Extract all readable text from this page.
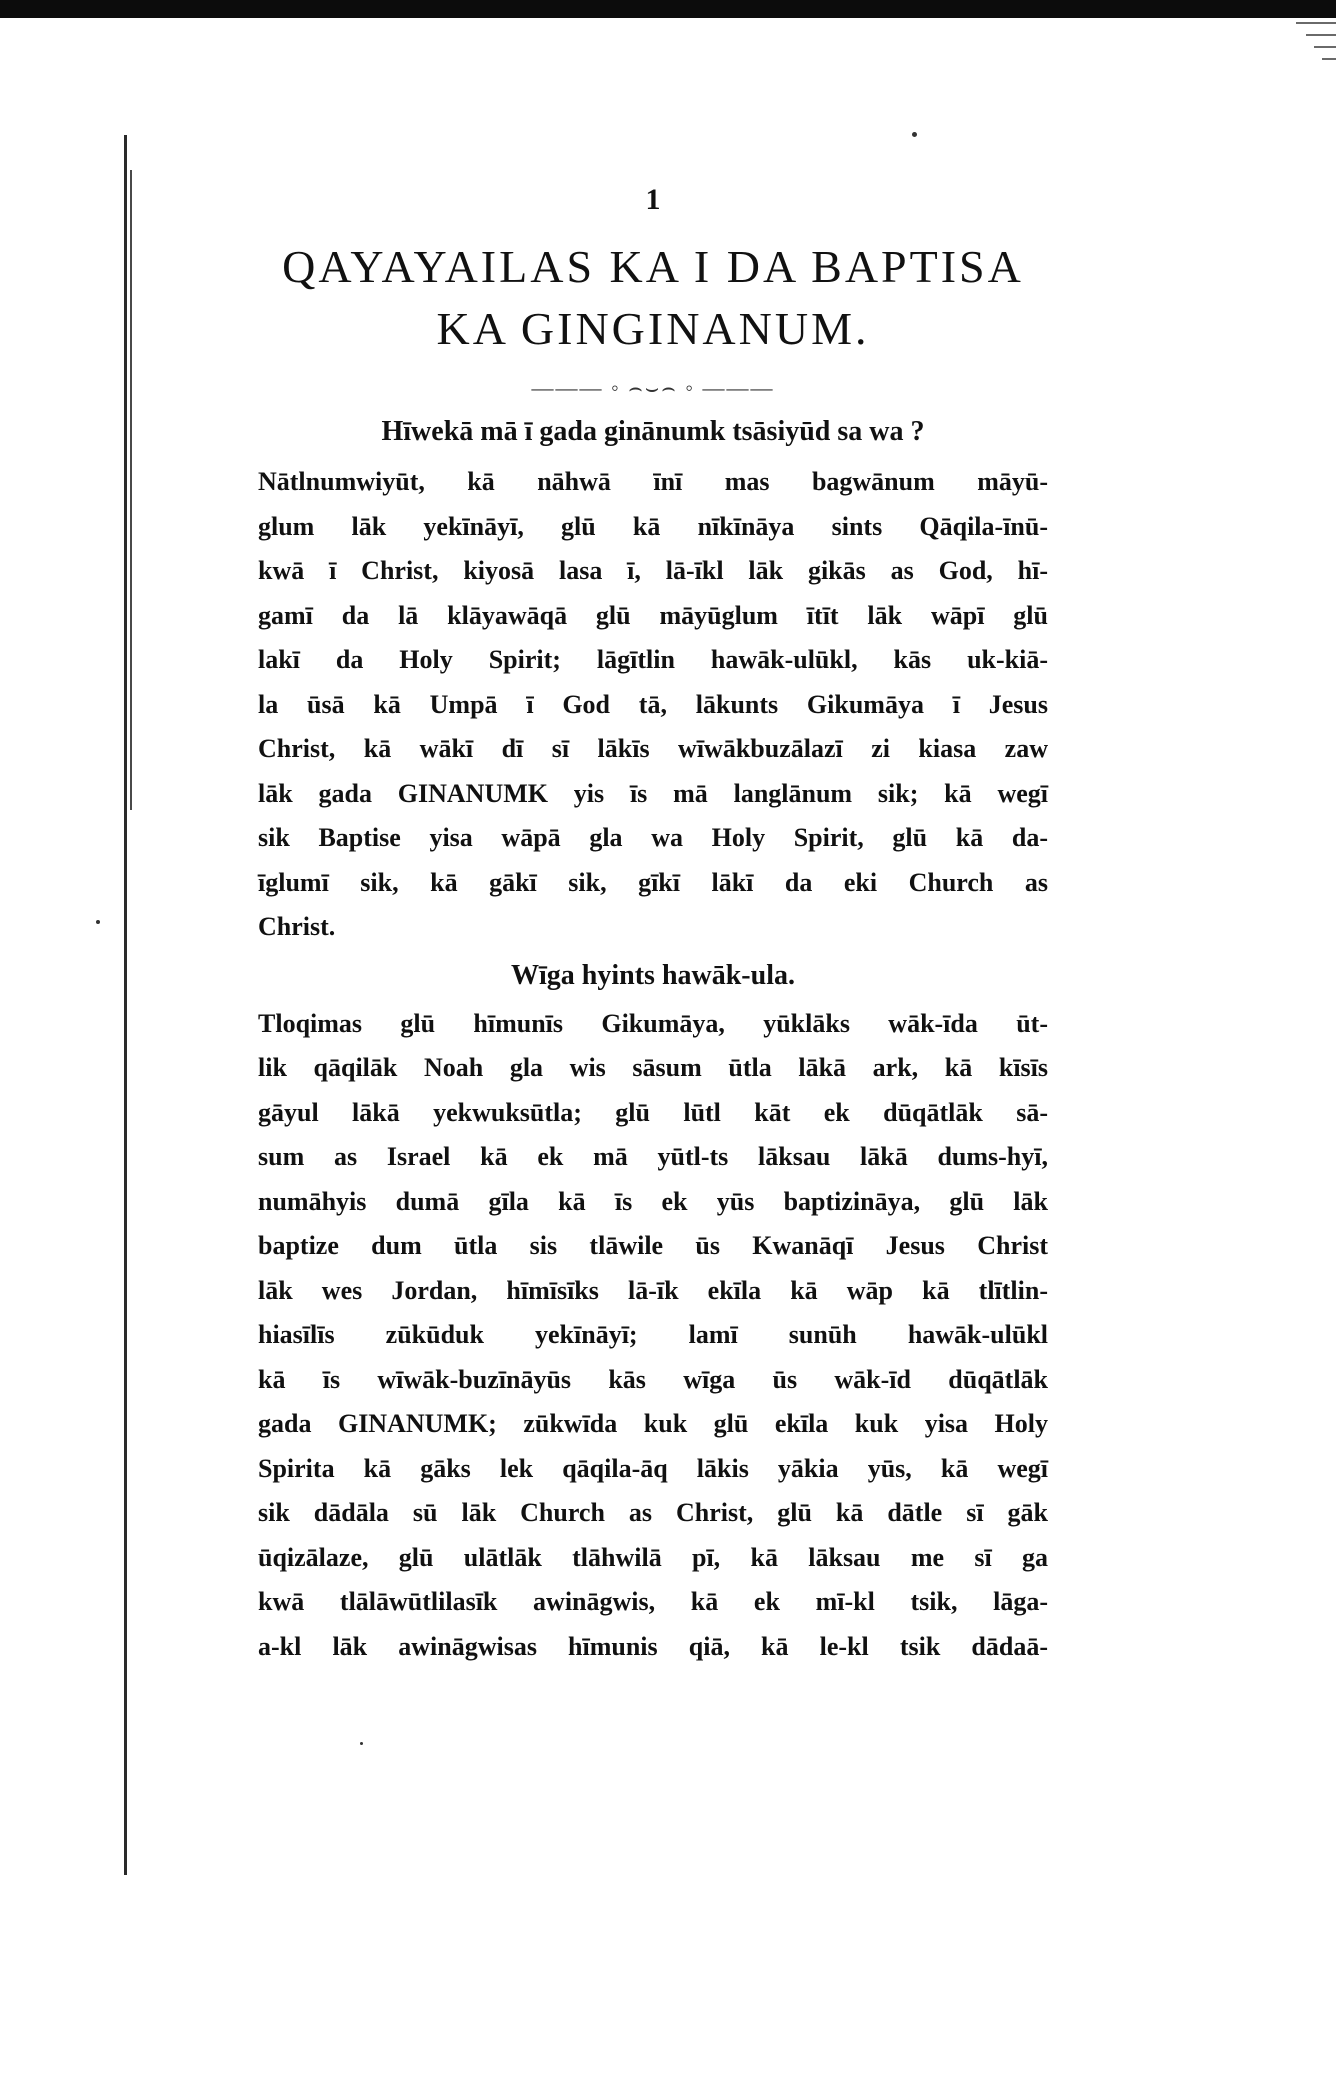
1
QAYAYAILAS KA I DA BAPTISA
KA GINGINANUM.
——— ◦ ⌢⌣⌢ ◦ ———
Hīwekā mā ī gada ginānumk tsāsiyūd sa wa ?
Nātlnumwiyūt, kā nāhwā īnī mas bagwānum māyū-
glum lāk yekīnāyī, glū kā nīkīnāya sints Qāqila-īnū-
kwā ī Christ, kiyosā lasa ī, lā-īkl lāk gikās as God, hī-
gamī da lā klāyawāqā glū māyūglum ītīt lāk wāpī glū
lakī da Holy Spirit; lāgītlin hawāk-ulūkl, kās uk-kiā-
la ūsā kā Umpā ī God tā, lākunts Gikumāya ī Jesus
Christ, kā wākī dī sī lākīs wīwākbuzālazī zi kiasa zaw
lāk gada GINANUMK yis īs mā langlānum sik; kā wegī
sik Baptise yisa wāpā gla wa Holy Spirit, glū kā da-
īglumī sik, kā gākī sik, gīkī lākī da eki Church as
Christ.
Wīga hyints hawāk-ula.
Tloqimas glū hīmunīs Gikumāya, yūklāks wāk-īda ūt-
lik qāqilāk Noah gla wis sāsum ūtla lākā ark, kā kīsīs
gāyul lākā yekwuksūtla; glū lūtl kāt ek dūqātlāk sā-
sum as Israel kā ek mā yūtl-ts lāksau lākā dums-hyī,
numāhyis dumā gīla kā īs ek yūs baptizināya, glū lāk
baptize dum ūtla sis tlāwile ūs Kwanāqī Jesus Christ
lāk wes Jordan, hīmīsīks lā-īk ekīla kā wāp kā tlītlin-
hiasīlīs zūkūduk yekīnāyī; lamī sunūh hawāk-ulūkl
kā īs wīwāk-buzīnāyūs kās wīga ūs wāk-īd dūqātlāk
gada GINANUMK; zūkwīda kuk glū ekīla kuk yisa Holy
Spirita kā gāks lek qāqila-āq lākis yākia yūs, kā wegī
sik dādāla sū lāk Church as Christ, glū kā dātle sī gāk
ūqizālaze, glū ulātlāk tlāhwilā pī, kā lāksau me sī ga
kwā tlālāwūtlilasīk awināgwis, kā ek mī-kl tsik, lāga-
a-kl lāk awināgwisas hīmunis qiā, kā le-kl tsik dādaā-
